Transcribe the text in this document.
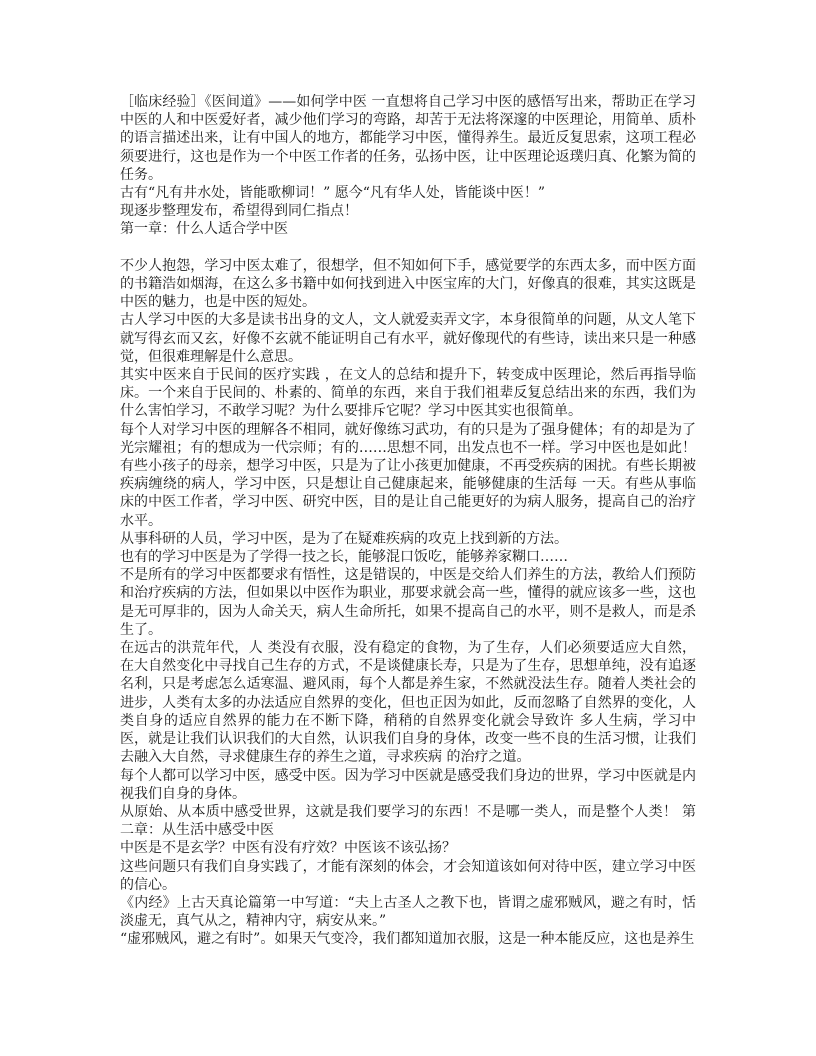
［临床经验］《医间道》——如何学中医 一直想将自己学习中医的感悟写出来，帮助正在学习中医的人和中医爱好者，减少他们学习的弯路，却苦于无法将深邃的中医理论，用简单、质朴的语言描述出来，让有中国人的地方，都能学习中医，懂得养生。最近反复思索，这项工程必须要进行，这也是作为一个中医工作者的任务，弘扬中医，让中医理论返璞归真、化繁为简的任务。

古有“凡有井水处，皆能歌柳词！” 愿今“凡有华人处，皆能谈中医！”

现逐步整理发布，希望得到同仁指点！

第一章：什么人适合学中医

不少人抱怨，学习中医太难了，很想学，但不知如何下手，感觉要学的东西太多，而中医方面的书籍浩如烟海，在这么多书籍中如何找到进入中医宝库的大门，好像真的很难，其实这既是中医的魅力，也是中医的短处。

古人学习中医的大多是读书出身的文人，文人就爱卖弄文字，本身很简单的问题，从文人笔下就写得玄而又玄，好像不玄就不能证明自己有水平，就好像现代的有些诗，读出来只是一种感觉，但很难理解是什么意思。

其实中医来自于民间的医疗实践 ，在文人的总结和提升下，转变成中医理论，然后再指导临床。一个来自于民间的、朴素的、简单的东西，来自于我们祖辈反复总结出来的东西，我们为什么害怕学习，不敢学习呢？为什么要排斥它呢？学习中医其实也很简单。

每个人对学习中医的理解各不相同，就好像练习武功，有的只是为了强身健体；有的却是为了光宗耀祖；有的想成为一代宗师；有的……思想不同，出发点也不一样。学习中医也是如此！有些小孩子的母亲，想学习中医，只是为了让小孩更加健康，不再受疾病的困扰。有些长期被疾病缠绕的病人，学习中医，只是想让自己健康起来，能够健康的生活每 一天。有些从事临床的中医工作者，学习中医、研究中医，目的是让自己能更好的为病人服务，提高自己的治疗水平。

从事科研的人员，学习中医，是为了在疑难疾病的攻克上找到新的方法。

也有的学习中医是为了学得一技之长，能够混口饭吃，能够养家糊口……

不是所有的学习中医都要求有悟性，这是错误的，中医是交给人们养生的方法，教给人们预防和治疗疾病的方法，但如果以中医作为职业，那要求就会高一些，懂得的就应该多一些，这也是无可厚非的，因为人命关天，病人生命所托，如果不提高自己的水平，则不是救人，而是杀生了。

在远古的洪荒年代，人 类没有衣服，没有稳定的食物，为了生存，人们必须要适应大自然，在大自然变化中寻找自己生存的方式，不是谈健康长寿，只是为了生存，思想单纯，没有追逐名利，只是考虑怎么适寒温、避风雨，每个人都是养生家，不然就没法生存。随着人类社会的进步，人类有太多的办法适应自然界的变化，但也正因为如此，反而忽略了自然界的变化，人类自身的适应自然界的能力在不断下降，稍稍的自然界变化就会导致许 多人生病，学习中医，就是让我们认识我们的大自然，认识我们自身的身体，改变一些不良的生活习惯，让我们去融入大自然，寻求健康生存的养生之道，寻求疾病 的治疗之道。

每个人都可以学习中医，感受中医。因为学习中医就是感受我们身边的世界，学习中医就是内视我们自身的身体。

从原始、从本质中感受世界，这就是我们要学习的东西！不是哪一类人，而是整个人类！ 第二章：从生活中感受中医

中医是不是玄学？中医有没有疗效？中医该不该弘扬？

这些问题只有我们自身实践了，才能有深刻的体会，才会知道该如何对待中医，建立学习中医的信心。

《内经》上古天真论篇第一中写道：“夫上古圣人之教下也，皆谓之虚邪贼风，避之有时，恬淡虚无，真气从之，精神内守，病安从来。”

“虚邪贼风，避之有时”。如果天气变冷，我们都知道加衣服，这是一种本能反应，这也是养生
